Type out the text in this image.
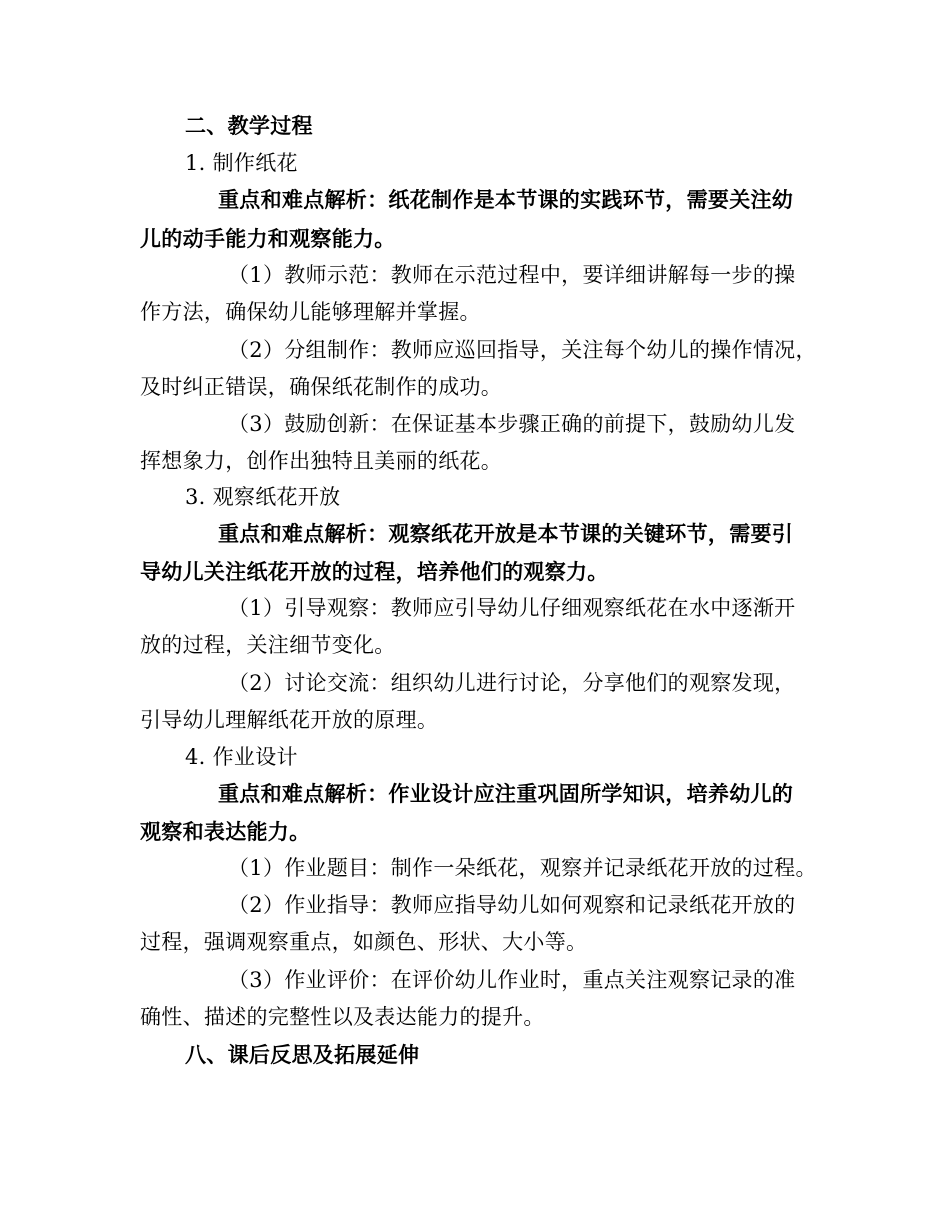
二、教学过程
1. 制作纸花
重点和难点解析：纸花制作是本节课的实践环节，需要关注幼
儿的动手能力和观察能力。
（1）教师示范：教师在示范过程中，要详细讲解每一步的操
作方法，确保幼儿能够理解并掌握。
（2）分组制作：教师应巡回指导，关注每个幼儿的操作情况，
及时纠正错误，确保纸花制作的成功。
（3）鼓励创新：在保证基本步骤正确的前提下，鼓励幼儿发
挥想象力，创作出独特且美丽的纸花。
3. 观察纸花开放
重点和难点解析：观察纸花开放是本节课的关键环节，需要引
导幼儿关注纸花开放的过程，培养他们的观察力。
（1）引导观察：教师应引导幼儿仔细观察纸花在水中逐渐开
放的过程，关注细节变化。
（2）讨论交流：组织幼儿进行讨论，分享他们的观察发现，
引导幼儿理解纸花开放的原理。
4. 作业设计
重点和难点解析：作业设计应注重巩固所学知识，培养幼儿的
观察和表达能力。
（1）作业题目：制作一朵纸花，观察并记录纸花开放的过程。
（2）作业指导：教师应指导幼儿如何观察和记录纸花开放的
过程，强调观察重点，如颜色、形状、大小等。
（3）作业评价：在评价幼儿作业时，重点关注观察记录的准
确性、描述的完整性以及表达能力的提升。
八、课后反思及拓展延伸
